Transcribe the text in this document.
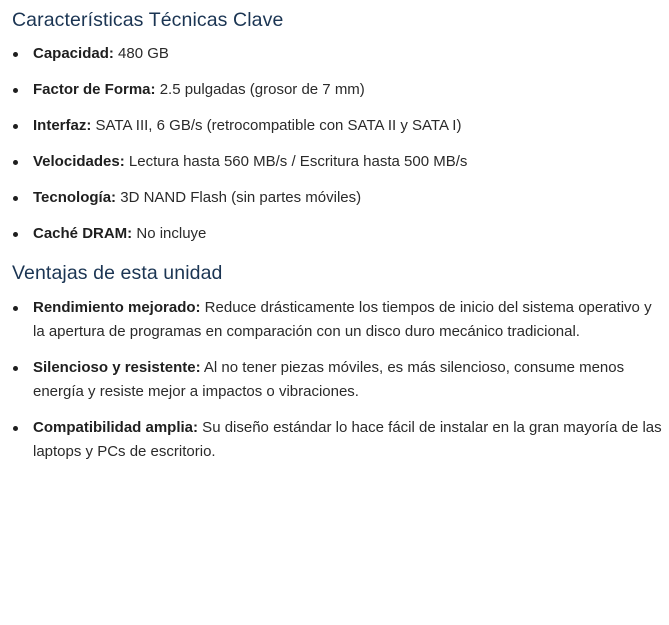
Características Técnicas Clave
Capacidad: 480 GB
Factor de Forma: 2.5 pulgadas (grosor de 7 mm)
Interfaz: SATA III, 6 GB/s (retrocompatible con SATA II y SATA I)
Velocidades: Lectura hasta 560 MB/s / Escritura hasta 500 MB/s
Tecnología: 3D NAND Flash (sin partes móviles)
Caché DRAM: No incluye
Ventajas de esta unidad
Rendimiento mejorado: Reduce drásticamente los tiempos de inicio del sistema operativo y la apertura de programas en comparación con un disco duro mecánico tradicional.
Silencioso y resistente: Al no tener piezas móviles, es más silencioso, consume menos energía y resiste mejor a impactos o vibraciones.
Compatibilidad amplia: Su diseño estándar lo hace fácil de instalar en la gran mayoría de las laptops y PCs de escritorio.
